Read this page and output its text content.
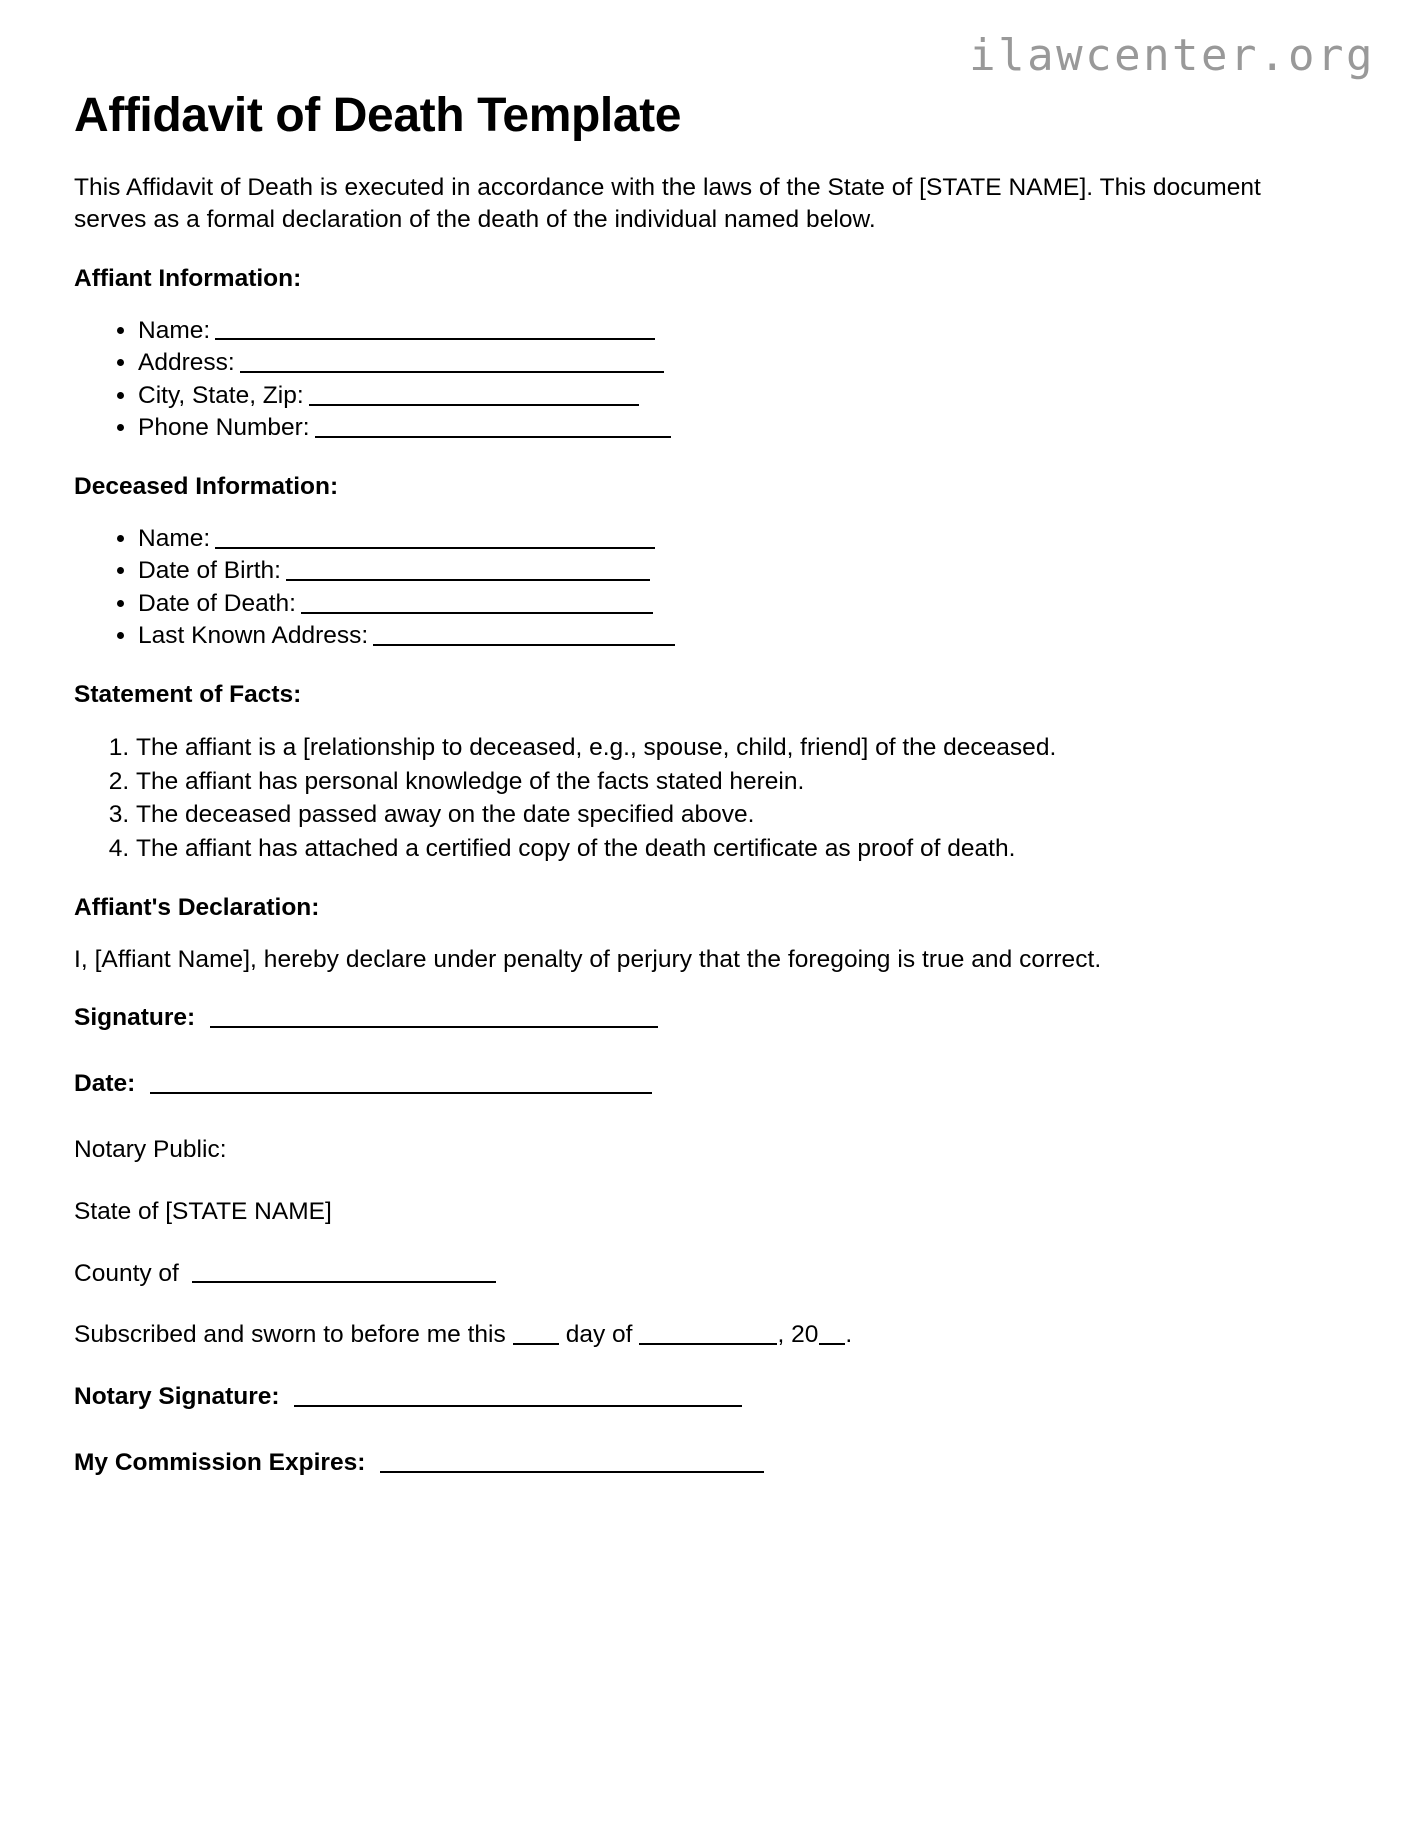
ilawcenter.org
Affidavit of Death Template

This Affidavit of Death is executed in accordance with the laws of the State of [STATE NAME]. This document serves as a formal declaration of the death of the individual named below.

Affiant Information:
• Name:
• Address:
• City, State, Zip:
• Phone Number:
Deceased Information:
• Name:
• Date of Birth:
• Date of Death:
• Last Known Address:
Statement of Facts:
1. The affiant is a [relationship to deceased, e.g., spouse, child, friend] of the deceased.
2. The affiant has personal knowledge of the facts stated herein.
3. The deceased passed away on the date specified above.
4. The affiant has attached a certified copy of the death certificate as proof of death.
Affiant's Declaration:

I, [Affiant Name], hereby declare under penalty of perjury that the foregoing is true and correct.

Signature:
Date:
Notary Public:
State of [STATE NAME]
County of
Subscribed and sworn to before me this day of	, 20 .
Notary Signature:
My Commission Expires:
